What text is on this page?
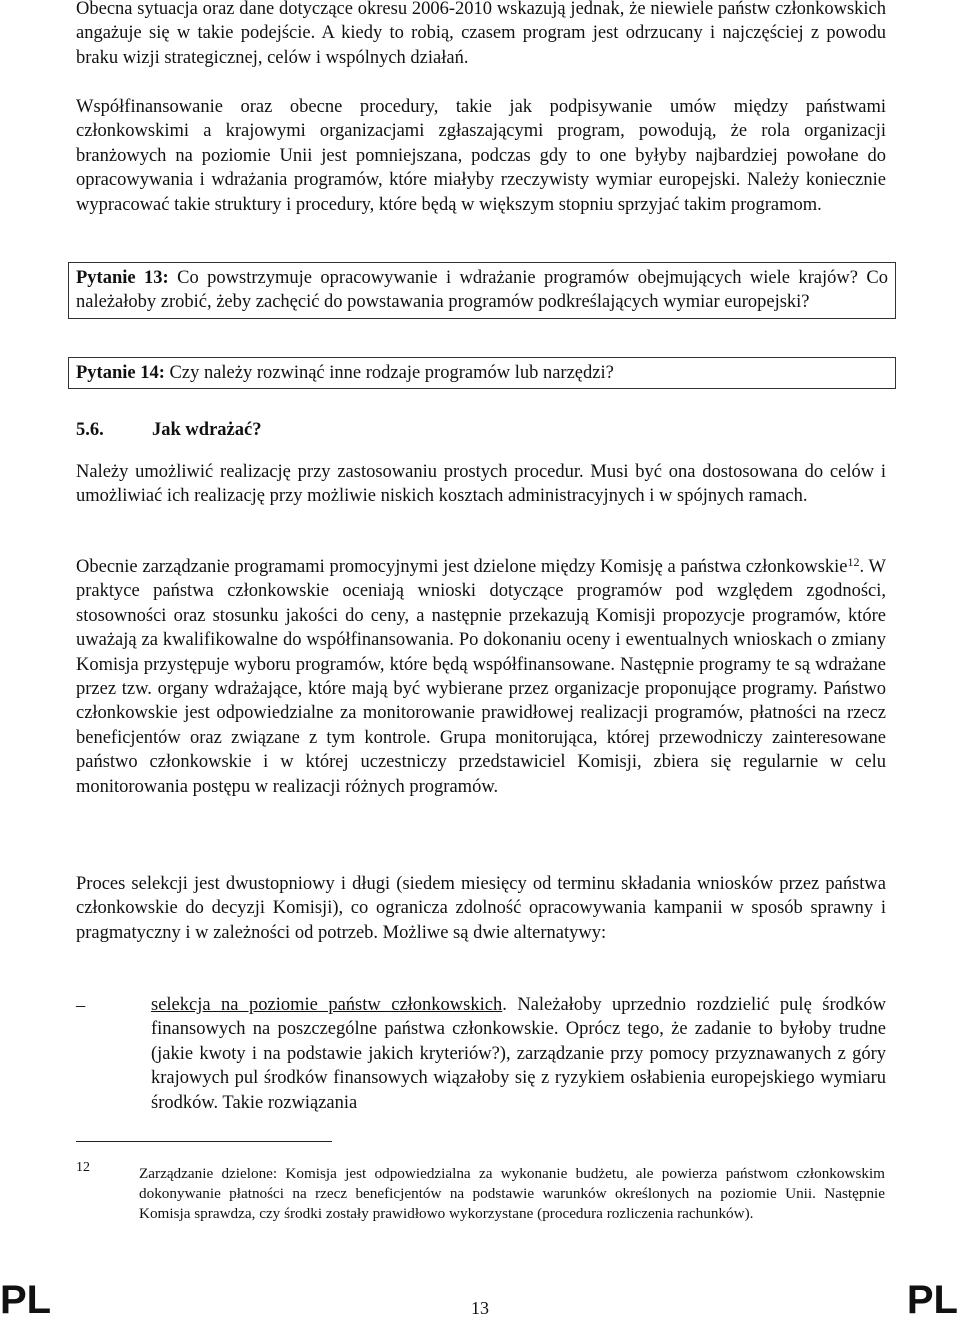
Obecna sytuacja oraz dane dotyczące okresu 2006-2010 wskazują jednak, że niewiele państw członkowskich angażuje się w takie podejście. A kiedy to robią, czasem program jest odrzucany i najczęściej z powodu braku wizji strategicznej, celów i wspólnych działań.

Współfinansowanie oraz obecne procedury, takie jak podpisywanie umów między państwami członkowskimi a krajowymi organizacjami zgłaszającymi program, powodują, że rola organizacji branżowych na poziomie Unii jest pomniejszana, podczas gdy to one byłyby najbardziej powołane do opracowywania i wdrażania programów, które miałyby rzeczywisty wymiar europejski. Należy koniecznie wypracować takie struktury i procedury, które będą w większym stopniu sprzyjać takim programom.

Pytanie 13: Co powstrzymuje opracowywanie i wdrażanie programów obejmujących wiele krajów? Co należałoby zrobić, żeby zachęcić do powstawania programów podkreślających wymiar europejski?
Pytanie 14: Czy należy rozwinąć inne rodzaje programów lub narzędzi?
5.6.	Jak wdrażać?

Należy umożliwić realizację przy zastosowaniu prostych procedur. Musi być ona dostosowana do celów i umożliwiać ich realizację przy możliwie niskich kosztach administracyjnych i w spójnych ramach.

Obecnie zarządzanie programami promocyjnymi jest dzielone między Komisję a państwa członkowskie$^{12}$. W praktyce państwa członkowskie oceniają wnioski dotyczące programów pod względem zgodności, stosowności oraz stosunku jakości do ceny, a następnie przekazują Komisji propozycje programów, które uważają za kwalifikowalne do współfinansowania. Po dokonaniu oceny i ewentualnych wnioskach o zmiany Komisja przystępuje wyboru programów, które będą współfinansowane. Następnie programy te są wdrażane przez tzw. organy wdrażające, które mają być wybierane przez organizacje proponujące programy. Państwo członkowskie jest odpowiedzialne za monitorowanie prawidłowej realizacji programów, płatności na rzecz beneficjentów oraz związane z tym kontrole. Grupa monitorująca, której przewodniczy zainteresowane państwo członkowskie i w której uczestniczy przedstawiciel Komisji, zbiera się regularnie w celu monitorowania postępu w realizacji różnych programów.

Proces selekcji jest dwustopniowy i długi (siedem miesięcy od terminu składania wniosków przez państwa członkowskie do decyzji Komisji), co ogranicza zdolność opracowywania kampanii w sposób sprawny i pragmatyczny i w zależności od potrzeb. Możliwe są dwie alternatywy:

–	selekcja na poziomie państw członkowskich. Należałoby uprzednio rozdzielić pulę środków finansowych na poszczególne państwa członkowskie. Oprócz tego, że zadanie to byłoby trudne (jakie kwoty i na podstawie jakich kryteriów?), zarządzanie przy pomocy przyznawanych z góry krajowych pul środków finansowych wiązałoby się z ryzykiem osłabienia europejskiego wymiaru środków. Takie rozwiązania

12	Zarządzanie dzielone: Komisja jest odpowiedzialna za wykonanie budżetu, ale powierza państwom członkowskim dokonywanie płatności na rzecz beneficjentów na podstawie warunków określonych na poziomie Unii. Następnie Komisja sprawdza, czy środki zostały prawidłowo wykorzystane (procedura rozliczenia rachunków).

PL	13	PL
